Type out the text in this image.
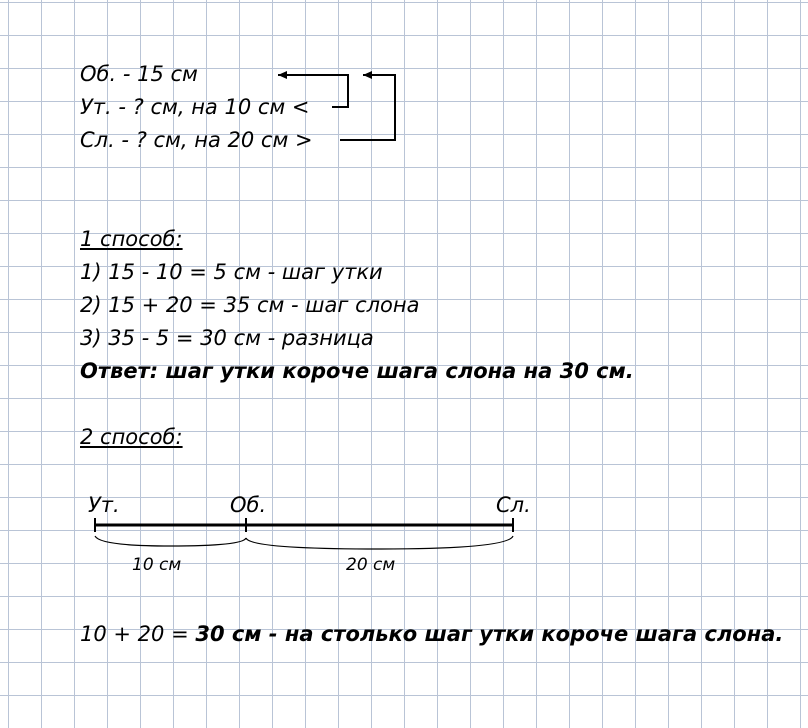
Об. - 15 см

Ут. - ? см, на 10 см <

Сл. - ? см, на 20 см >

1 способ:

1) 15 - 10 = 5 см - шаг утки

2) 15 + 20 = 35 см - шаг слона

3) 35 - 5 = 30 см - разница

Ответ: шаг утки короче шага слона на 30 см.

2 способ:

Ут.	Об.	Сл.

10 см	20 см

10 + 20 = 30 см - на столько шаг утки короче шага слона.
